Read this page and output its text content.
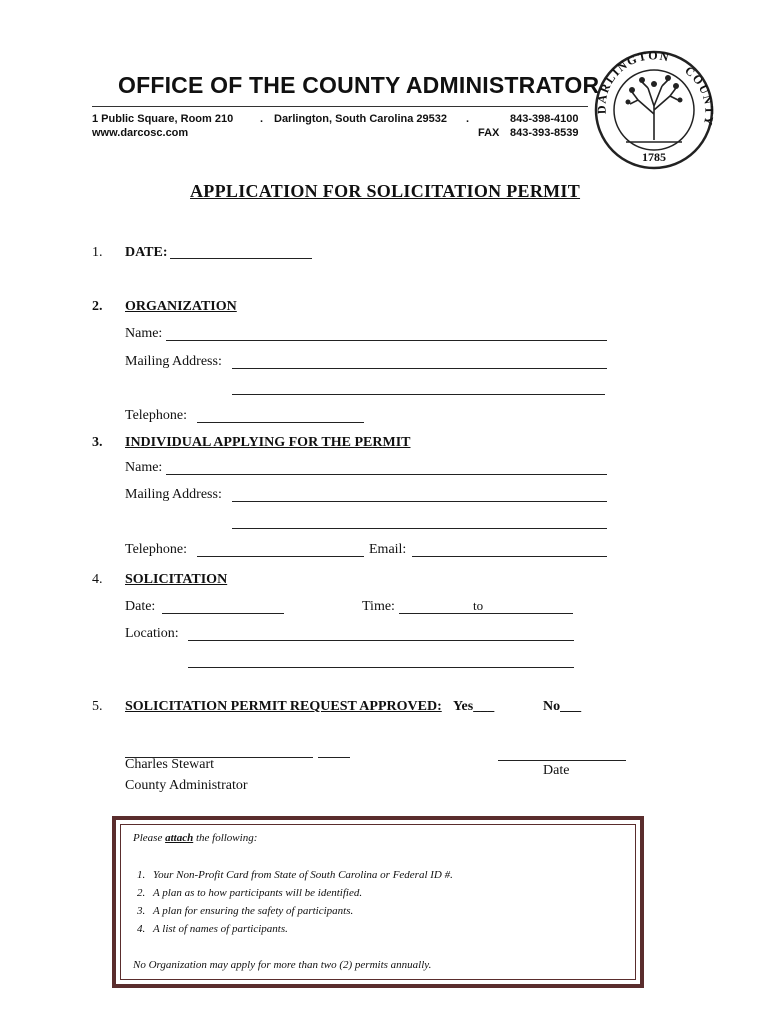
OFFICE OF THE COUNTY ADMINISTRATOR
1 Public Square, Room 210 . Darlington, South Carolina 29532 .
www.darcosc.com
843-398-4100
FAX 843-393-8539
DARLINGTON
COUNTY
1785
APPLICATION FOR SOLICITATION PERMIT
1. DATE:
2. ORGANIZATION
Name:
Mailing Address:
Telephone:
3. INDIVIDUAL APPLYING FOR THE PERMIT
Name:
Mailing Address:
Telephone:	Email:
4. SOLICITATION
Date:	Time:	to
Location:
5. SOLICITATION PERMIT REQUEST APPROVED: Yes___	No___
Charles Stewart
County Administrator
Date
Please attach the following:
1. Your Non-Profit Card from State of South Carolina or Federal ID #.
2. A plan as to how participants will be identified.
3. A plan for ensuring the safety of participants.
4. A list of names of participants.
No Organization may apply for more than two (2) permits annually.
